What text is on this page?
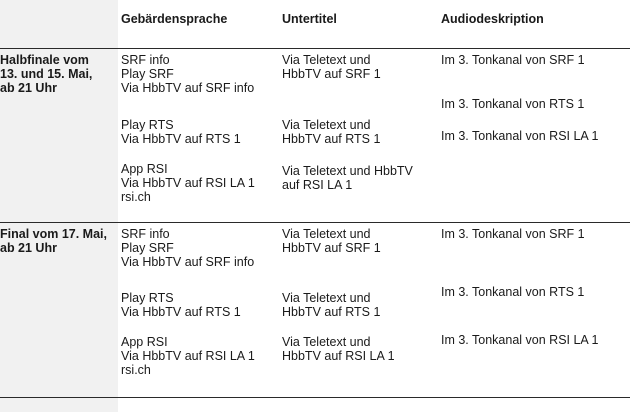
Gebärdensprache	Untertitel	Audiodeskription
Halbfinale vom
13. und 15. Mai,
ab 21 Uhr
SRF info
Play SRF
Via HbbTV auf SRF info
Play RTS
Via HbbTV auf RTS 1
App RSI
Via HbbTV auf RSI LA 1
rsi.ch
Via Teletext und
HbbTV auf SRF 1
Via Teletext und
HbbTV auf RTS 1
Via Teletext und HbbTV
auf RSI LA 1
Im 3. Tonkanal von SRF 1
Im 3. Tonkanal von RTS 1
Im 3. Tonkanal von RSI LA 1
Final vom 17. Mai,
ab 21 Uhr
SRF info
Play SRF
Via HbbTV auf SRF info
Play RTS
Via HbbTV auf RTS 1
App RSI
Via HbbTV auf RSI LA 1
rsi.ch
Via Teletext und
HbbTV auf SRF 1
Via Teletext und
HbbTV auf RTS 1
Via Teletext und
HbbTV auf RSI LA 1
Im 3. Tonkanal von SRF 1
Im 3. Tonkanal von RTS 1
Im 3. Tonkanal von RSI LA 1
